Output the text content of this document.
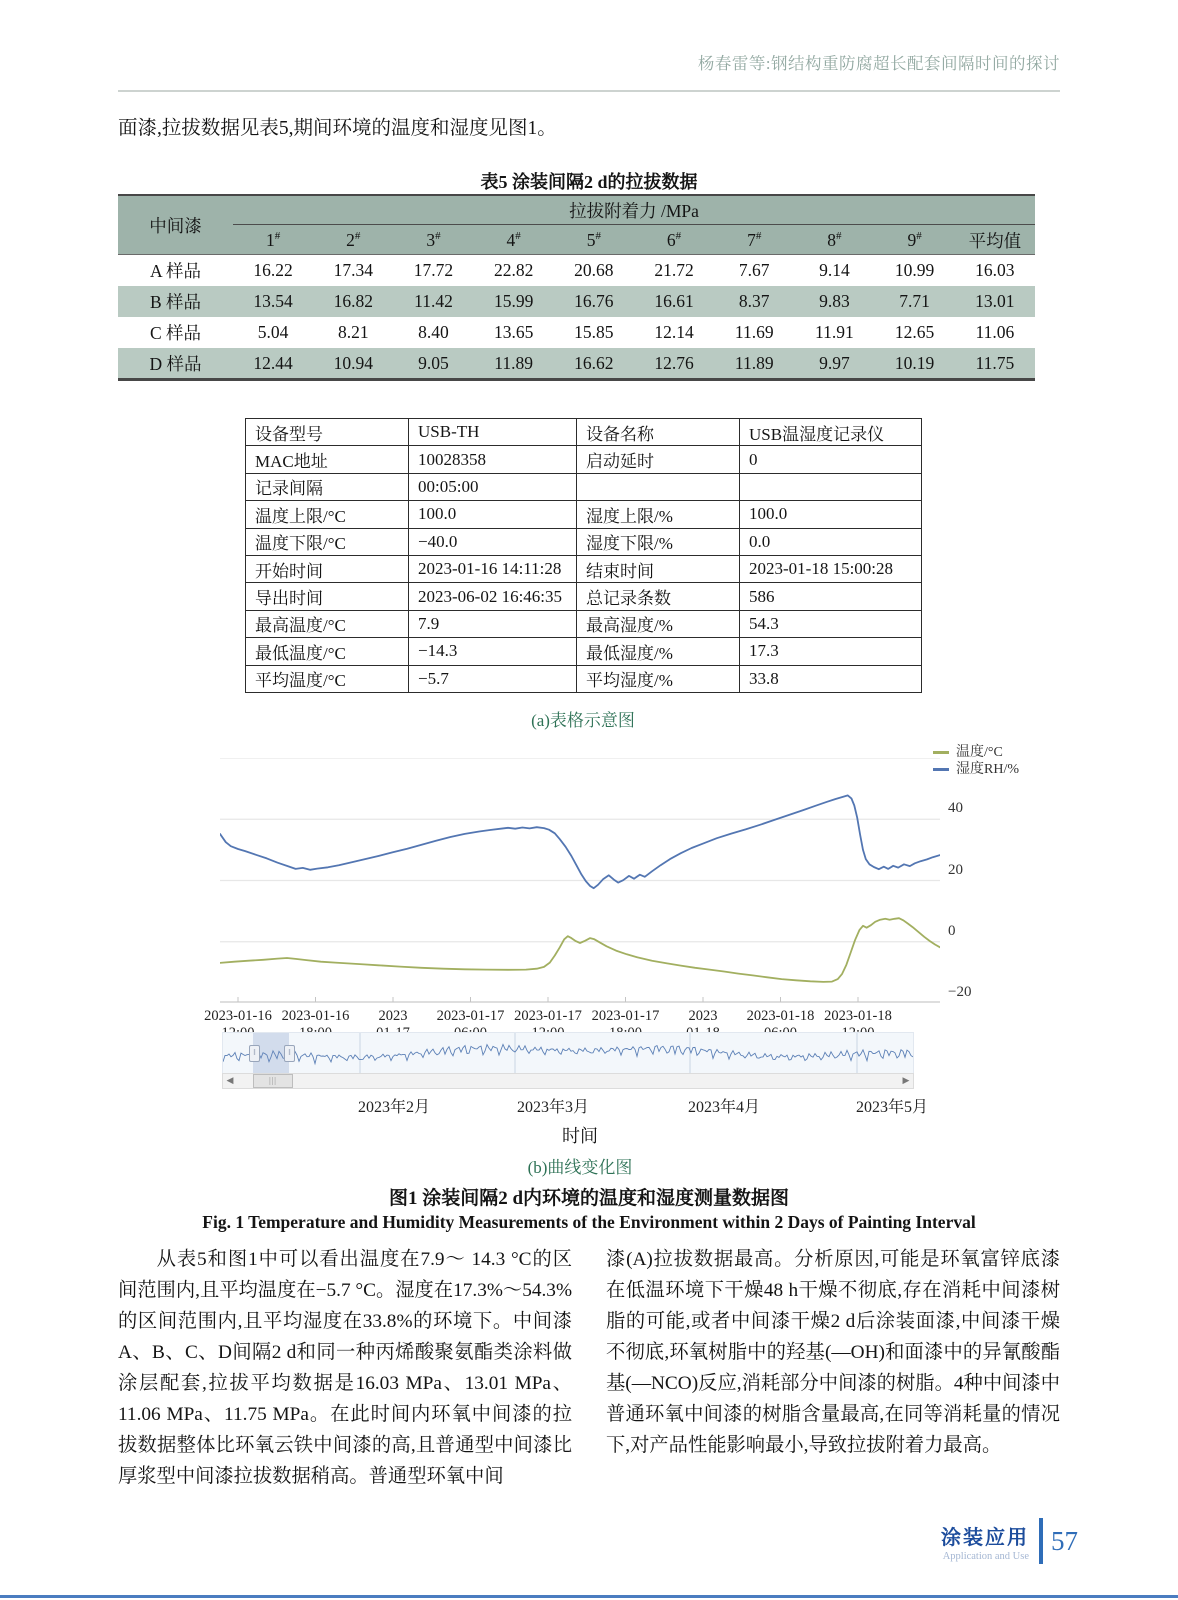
杨春雷等:钢结构重防腐超长配套间隔时间的探讨
面漆,拉拔数据见表5,期间环境的温度和湿度见图1。
表5 涂装间隔2 d的拉拔数据
中间漆	拉拔附着力 /MPa									
	1#	2#	3#	4#	5#	6#	7#	8#	9#	平均值
A 样品	16.22	17.34	17.72	22.82	20.68	21.72	7.67	9.14	10.99	16.03
B 样品	13.54	16.82	11.42	15.99	16.76	16.61	8.37	9.83	7.71	13.01
C 样品	5.04	8.21	8.40	13.65	15.85	12.14	11.69	11.91	12.65	11.06
D 样品	12.44	10.94	9.05	11.89	16.62	12.76	11.89	9.97	10.19	11.75
设备型号	USB-TH	设备名称	USB温湿度记录仪
MAC地址	10028358	启动延时	0
记录间隔	00:05:00		
温度上限/°C	100.0	湿度上限/%	100.0
温度下限/°C	−40.0	湿度下限/%	0.0
开始时间	2023-01-16 14:11:28	结束时间	2023-01-18 15:00:28
导出时间	2023-06-02 16:46:35	总记录条数	586
最高温度/°C	7.9	最高湿度/%	54.3
最低温度/°C	−14.3	最低湿度/%	17.3
平均温度/°C	−5.7	平均湿度/%	33.8
(a)表格示意图
40
20
0
−20
温度/°C
湿度RH/%
2023-01-16 2023-01-16	2023	2023-01-17 2023-01-17 2023-01-17	2023	2023-01-18 2023-01-18

‖	‖
◀	▶
|||
2023年2月	2023年3月	2023年4月	2023年5月
时间
(b)曲线变化图
图1 涂装间隔2 d内环境的温度和湿度测量数据图
Fig. 1 Temperature and Humidity Measurements of the Environment within 2 Days of Painting Interval
从表5和图1中可以看出温度在7.9～ 14.3 °C的区间范围内,且平均温度在−5.7 °C。湿度在17.3%～54.3%的区间范围内,且平均湿度在33.8%的环境下。中间漆A、B、C、D间隔2 d和同一种丙烯酸聚氨酯类涂料做涂层配套,拉拔平均数据是16.03 MPa、13.01 MPa、11.06 MPa、11.75 MPa。在此时间内环氧中间漆的拉拔数据整体比环氧云铁中间漆的高,且普通型中间漆比厚浆型中间漆拉拔数据稍高。普通型环氧中间
漆(A)拉拔数据最高。分析原因,可能是环氧富锌底漆在低温环境下干燥48 h干燥不彻底,存在消耗中间漆树脂的可能,或者中间漆干燥2 d后涂装面漆,中间漆干燥不彻底,环氧树脂中的羟基(—OH)和面漆中的异氰酸酯基(—NCO)反应,消耗部分中间漆的树脂。4种中间漆中普通环氧中间漆的树脂含量最高,在同等消耗量的情况下,对产品性能影响最小,导致拉拔附着力最高。
涂装应用
Application and Use
57
